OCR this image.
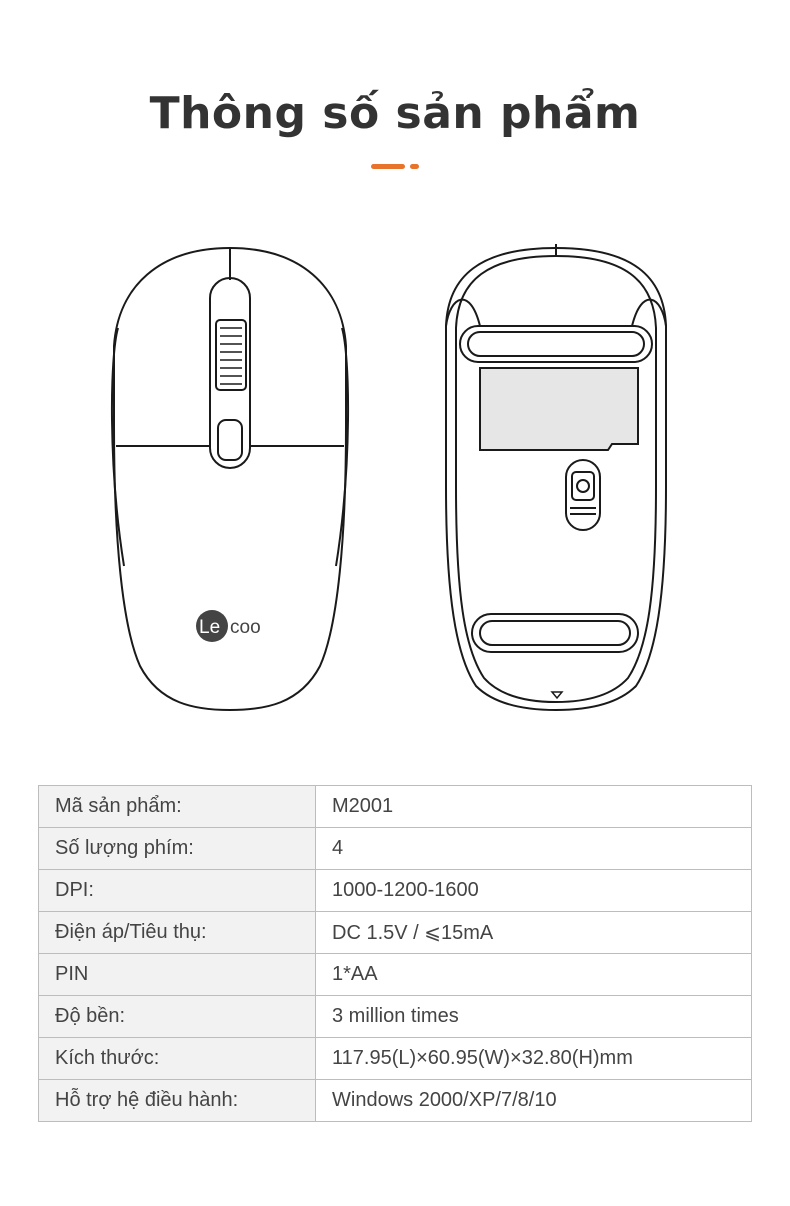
Thông số sản phẩm
Le coo
Mã sản phẩm:	M2001
Số lượng phím:	4
DPI:	1000-1200-1600
Điện áp/Tiêu thụ:	DC 1.5V / ⩽15mA
PIN	1*AA
Độ bền:	3 million times
Kích thước:	117.95(L)×60.95(W)×32.80(H)mm
Hỗ trợ hệ điều hành:	Windows 2000/XP/7/8/10
